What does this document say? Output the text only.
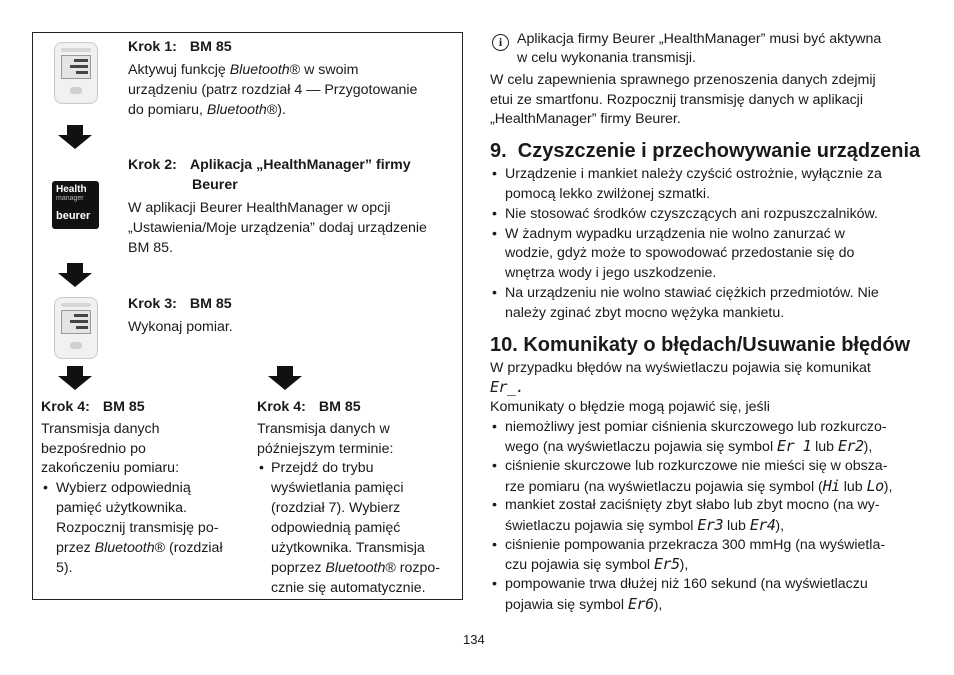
Krok 1: BM 85
Aktywuj funkcję Bluetooth® w swoim
urządzeniu (patrz rozdział 4 — Przygotowanie
do pomiaru, Bluetooth®).
Health
manager
beurer
Krok 2: Aplikacja „HealthManager” firmy
Beurer
W aplikacji Beurer HealthManager w opcji
„Ustawienia/Moje urządzenia” dodaj urządzenie
BM 85.
Krok 3: BM 85
Wykonaj pomiar.
Krok 4: BM 85
Transmisja danych
bezpośrednio po
zakończeniu pomiaru:
• Wybierz odpowiednią
pamięć użytkownika.
Rozpocznij transmisję po-
przez Bluetooth® (rozdział
5).
Krok 4: BM 85
Transmisja danych w
późniejszym terminie:
• Przejdź do trybu
wyświetlania pamięci
(rozdział 7). Wybierz
odpowiednią pamięć
użytkownika. Transmisja
poprzez Bluetooth® rozpo-
cznie się automatycznie.
i	Aplikacja firmy Beurer „HealthManager” musi być aktywna
w celu wykonania transmisji.
W celu zapewnienia sprawnego przenoszenia danych zdejmij
etui ze smartfonu. Rozpocznij transmisję danych w aplikacji
„HealthManager” firmy Beurer.
9.  Czyszczenie i przechowywanie urządzenia
• Urządzenie i mankiet należy czyścić ostrożnie, wyłącznie za
pomocą lekko zwilżonej szmatki.
• Nie stosować środków czyszczących ani rozpuszczalników.
• W żadnym wypadku urządzenia nie wolno zanurzać w
wodzie, gdyż może to spowodować przedostanie się do
wnętrza wody i jego uszkodzenie.
• Na urządzeniu nie wolno stawiać ciężkich przedmiotów. Nie
należy zginać zbyt mocno wężyka mankietu.
10. Komunikaty o błędach/Usuwanie błędów
W przypadku błędów na wyświetlaczu pojawia się komunikat
Er_.
Komunikaty o błędzie mogą pojawić się, jeśli
• niemożliwy jest pomiar ciśnienia skurczowego lub rozkurczo-
wego (na wyświetlaczu pojawia się symbol Er 1 lub Er2),
• ciśnienie skurczowe lub rozkurczowe nie mieści się w obsza-
rze pomiaru (na wyświetlaczu pojawia się symbol (Hi lub Lo),
• mankiet został zaciśnięty zbyt słabo lub zbyt mocno (na wy-
świetlaczu pojawia się symbol Er3 lub Er4),
• ciśnienie pompowania przekracza 300 mmHg (na wyświetla-
czu pojawia się symbol Er5),
• pompowanie trwa dłużej niż 160 sekund (na wyświetlaczu
pojawia się symbol Er6),
134
